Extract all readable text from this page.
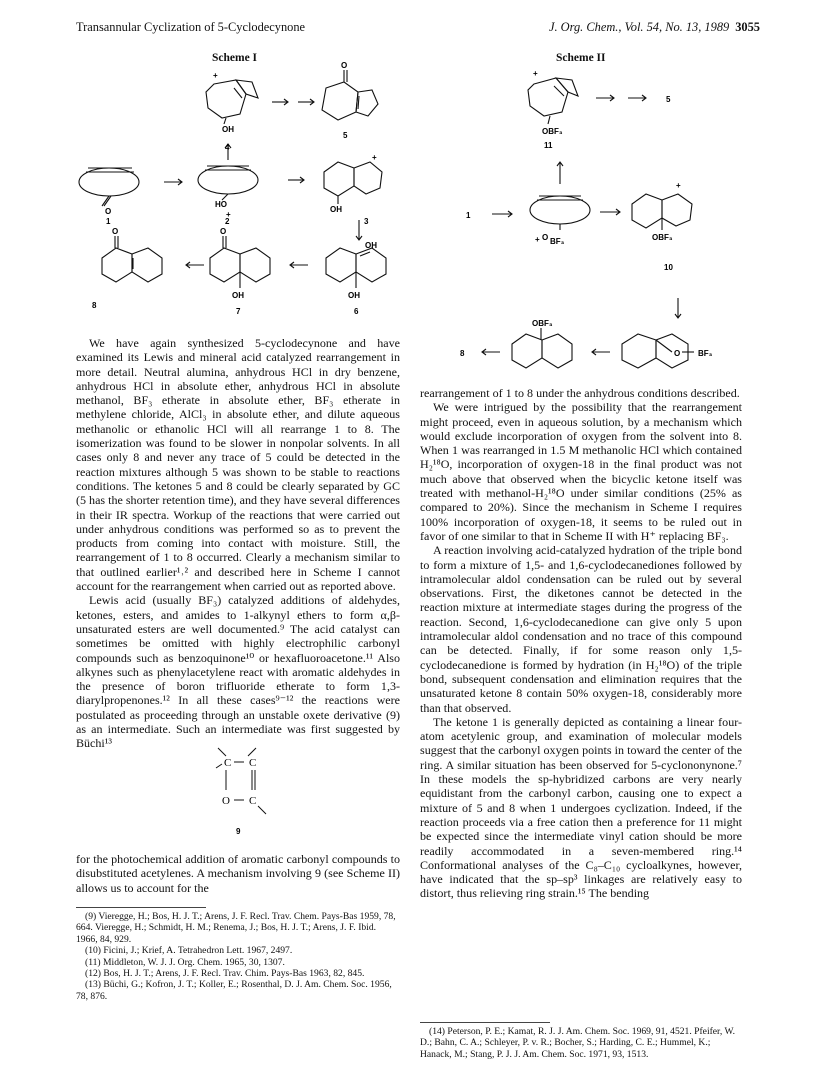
Transannular Cyclization of 5-Cyclodecynone	J. Org. Chem., Vol. 54, No. 13, 1989 3055
Scheme I
+
OH
O
O
HO
+
+
OH
OH
O	O
OH	OH
4
5
1	2	3
8
7	6
Scheme II
+
OBF₃
O
+ BF₃
+
OBF₃
OBF₃
O BF₃
5
11
1
10
8

We have again synthesized 5-cyclodecynone and have examined its Lewis and mineral acid catalyzed rearrangement in more detail. Neutral alumina, anhydrous HCl in dry benzene, anhydrous HCl in absolute ether, anhydrous HCl in absolute methanol, BF₃ etherate in absolute ether, BF₃ etherate in methylene chloride, AlCl₃ in absolute ether, and dilute aqueous methanolic or ethanolic HCl will all rearrange 1 to 8. The isomerization was found to be slower in nonpolar solvents. In all cases only 8 and never any trace of 5 could be detected in the reaction mixtures although 5 was shown to be stable to reactions conditions. The ketones 5 and 8 could be clearly separated by GC (5 has the shorter retention time), and they have several differences in their IR spectra. Workup of the reactions that were carried out under anhydrous conditions was performed so as to prevent the products from coming into contact with moisture. Still, the rearrangement of 1 to 8 occurred. Clearly a mechanism similar to that outlined earlier¹˒² and described here in Scheme I cannot account for the rearrangement when carried out as reported above.

Lewis acid (usually BF₃) catalyzed additions of aldehydes, ketones, esters, and amides to 1-alkynyl ethers to form α,β-unsaturated esters are well documented.⁹ The acid catalyst can sometimes be omitted with highly electrophilic carbonyl compounds such as benzoquinone¹⁰ or hexafluoroacetone.¹¹ Also alkynes such as phenylacetylene react with aromatic aldehydes in the presence of boron trifluoride etherate to form 1,3-diarylpropenones.¹² In all these cases⁹⁻¹² the reactions were postulated as proceeding through an unstable oxete derivative (9) as an intermediate. Such an intermediate was first suggested by Büchi¹³

C C
O C
9

for the photochemical addition of aromatic carbonyl compounds to disubstituted acetylenes. A mechanism involving 9 (see Scheme II) allows us to account for the

(9) Vieregge, H.; Bos, H. J. T.; Arens, J. F. Recl. Trav. Chem. Pays-Bas 1959, 78, 664. Vieregge, H.; Schmidt, H. M.; Renema, J.; Bos, H. J. T.; Arens, J. F. Ibid. 1966, 84, 929.

(10) Ficini, J.; Krief, A. Tetrahedron Lett. 1967, 2497.

(11) Middleton, W. J. J. Org. Chem. 1965, 30, 1307.

(12) Bos, H. J. T.; Arens, J. F. Recl. Trav. Chim. Pays-Bas 1963, 82, 845.

(13) Büchi, G.; Kofron, J. T.; Koller, E.; Rosenthal, D. J. Am. Chem. Soc. 1956, 78, 876.

rearrangement of 1 to 8 under the anhydrous conditions described.

We were intrigued by the possibility that the rearrangement might proceed, even in aqueous solution, by a mechanism which would exclude incorporation of oxygen from the solvent into 8. When 1 was rearranged in 1.5 M methanolic HCl which contained H₂¹⁸O, incorporation of oxygen-18 in the final product was not much above that observed when the bicyclic ketone itself was treated with methanol-H₂¹⁸O under similar conditions (25% as compared to 20%). Since the mechanism in Scheme I requires 100% incorporation of oxygen-18, it seems to be ruled out in favor of one similar to that in Scheme II with H⁺ replacing BF₃.

A reaction involving acid-catalyzed hydration of the triple bond to form a mixture of 1,5- and 1,6-cyclodecanediones followed by intramolecular aldol condensation can be ruled out by several observations. First, the diketones cannot be detected in the reaction mixture at intermediate stages during the progress of the reaction. Second, 1,6-cyclodecanedione can give only 5 upon intramolecular aldol condensation and no trace of this compound can be detected. Finally, if for some reason only 1,5-cyclodecanedione is formed by hydration (in H₂¹⁸O) of the triple bond, subsequent condensation and elimination requires that the unsaturated ketone 8 contain 50% oxygen-18, considerably more than that observed.

The ketone 1 is generally depicted as containing a linear four-atom acetylenic group, and examination of molecular models suggest that the carbonyl oxygen points in toward the center of the ring. A similar situation has been observed for 5-cyclononynone.⁷ In these models the sp-hybridized carbons are very nearly equidistant from the carbonyl carbon, causing one to expect a mixture of 5 and 8 when 1 undergoes cyclization. Indeed, if the reaction proceeds via a free cation then a preference for 11 might be expected since the intermediate vinyl cation should be more readily accommodated in a seven-membered ring.¹⁴ Conformational analyses of the C₈–C₁₀ cycloalkynes, however, have indicated that the sp–sp³ linkages are relatively easy to distort, thus relieving ring strain.¹⁵ The bending

(14) Peterson, P. E.; Kamat, R. J. J. Am. Chem. Soc. 1969, 91, 4521. Pfeifer, W. D.; Bahn, C. A.; Schleyer, P. v. R.; Bocher, S.; Harding, C. E.; Hummel, K.; Hanack, M.; Stang, P. J. J. Am. Chem. Soc. 1971, 93, 1513.
